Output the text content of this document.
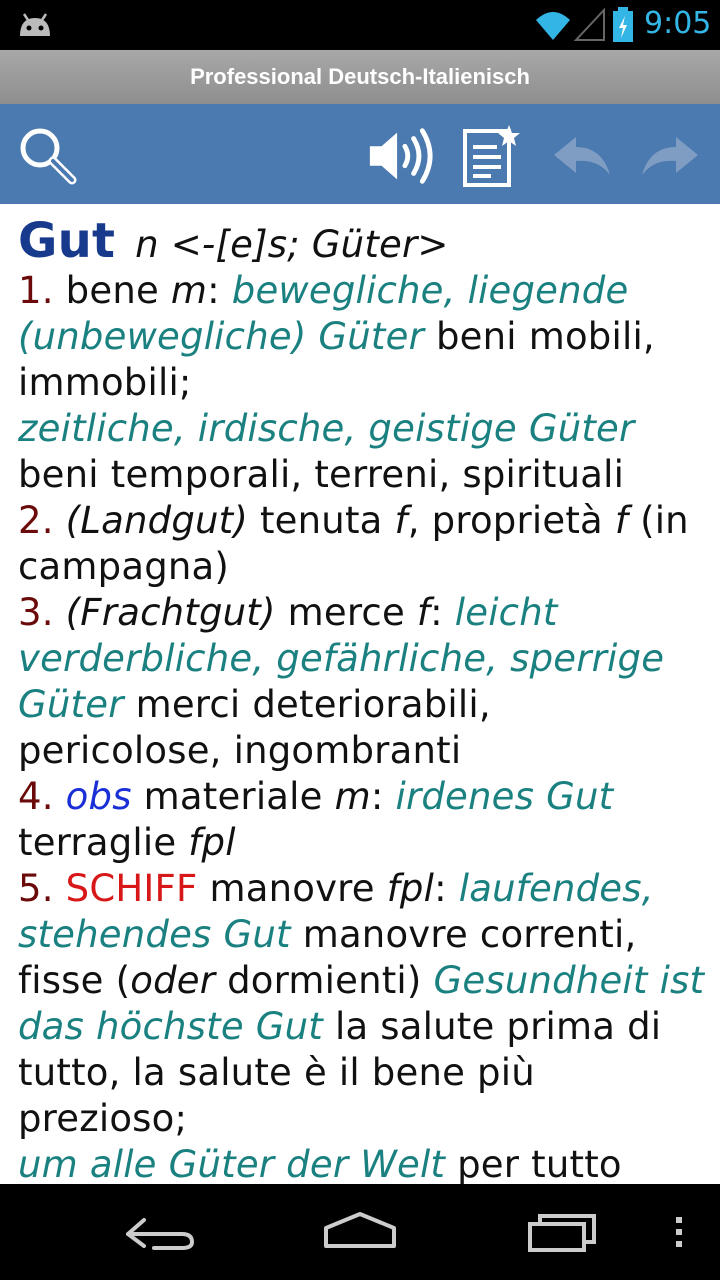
9:05
Professional Deutsch-Italienisch
Gut n <-[e]s; Güter>
1. bene m: bewegliche, liegende (unbewegliche) Güter beni mobili, immobili;
zeitliche, irdische, geistige Güter
beni temporali, terreni, spirituali
2. (Landgut) tenuta f, proprietà f (in campagna)
3. (Frachtgut) merce f: leicht verderbliche, gefährliche, sperrige Güter merci deteriorabili, pericolose, ingombranti
4. obs materiale m: irdenes Gut
terraglie fpl
5. SCHIFF manovre fpl: laufendes, stehendes Gut manovre correnti, fisse (oder dormienti) Gesundheit ist das höchste Gut la salute prima di tutto, la salute è il bene più prezioso;
um alle Güter der Welt per tutto
